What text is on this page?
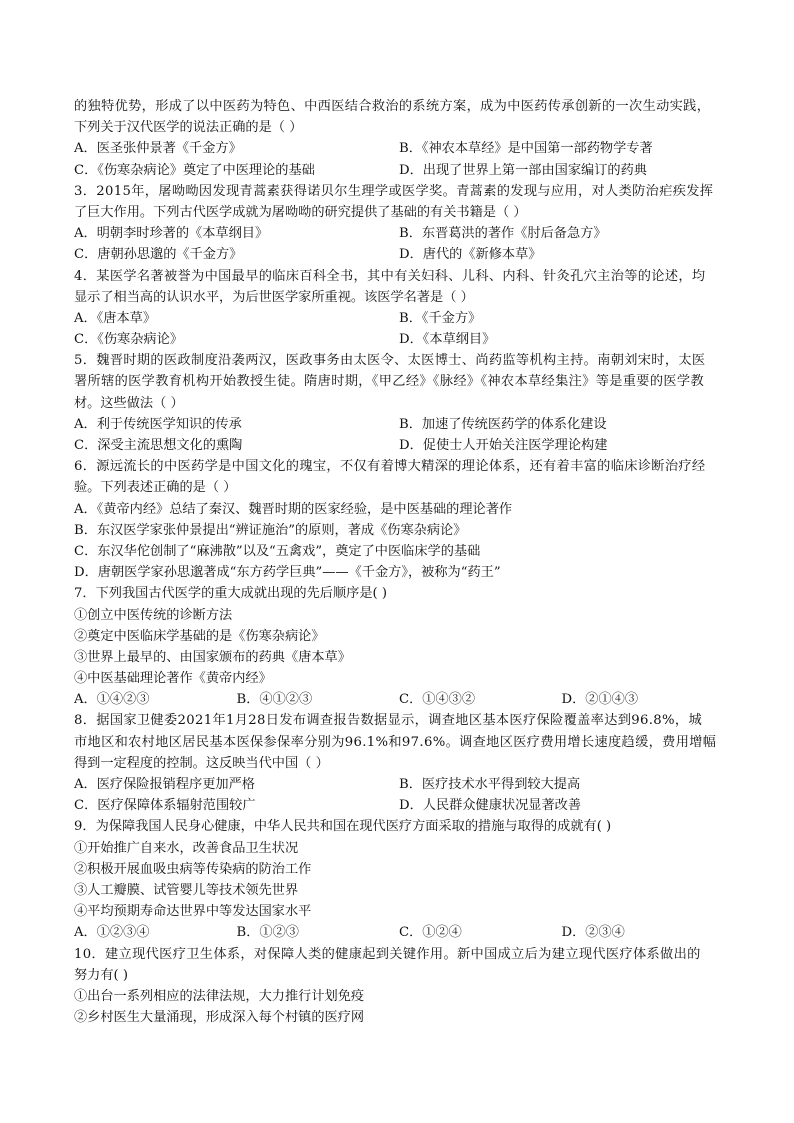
的独特优势，形成了以中医药为特色、中西医结合救治的系统方案，成为中医药传承创新的一次生动实践，
下列关于汉代医学的说法正确的是（ ）
A．医圣张仲景著《千金方》	B．《神农本草经》是中国第一部药物学专著
C．《伤寒杂病论》奠定了中医理论的基础	D．出现了世界上第一部由国家编订的药典
3．2015年，屠呦呦因发现青蒿素获得诺贝尔生理学或医学奖。青蒿素的发现与应用，对人类防治疟疾发挥
了巨大作用。下列古代医学成就为屠呦呦的研究提供了基础的有关书籍是（ ）
A．明朝李时珍著的《本草纲目》	B．东晋葛洪的著作《肘后备急方》
C．唐朝孙思邈的《千金方》	D．唐代的《新修本草》
4．某医学名著被誉为中国最早的临床百科全书，其中有关妇科、儿科、内科、针灸孔穴主治等的论述，均
显示了相当高的认识水平，为后世医学家所重视。该医学名著是（ ）
A．《唐本草》	B．《千金方》
C．《伤寒杂病论》	D．《本草纲目》
5．魏晋时期的医政制度沿袭两汉，医政事务由太医令、太医博士、尚药监等机构主持。南朝刘宋时，太医
署所辖的医学教育机构开始教授生徒。隋唐时期，《甲乙经》《脉经》《神农本草经集注》等是重要的医学教
材。这些做法（ ）
A．利于传统医学知识的传承	B．加速了传统医药学的体系化建设
C．深受主流思想文化的熏陶	D．促使士人开始关注医学理论构建
6．源远流长的中医药学是中国文化的瑰宝，不仅有着博大精深的理论体系，还有着丰富的临床诊断治疗经
验。下列表述正确的是（ ）
A．《黄帝内经》总结了秦汉、魏晋时期的医家经验，是中医基础的理论著作
B．东汉医学家张仲景提出“辨证施治”的原则，著成《伤寒杂病论》
C．东汉华佗创制了“麻沸散”以及“五禽戏”，奠定了中医临床学的基础
D．唐朝医学家孙思邈著成“东方药学巨典”——《千金方》，被称为“药王”
7．下列我国古代医学的重大成就出现的先后顺序是( )
①创立中医传统的诊断方法
②奠定中医临床学基础的是《伤寒杂病论》
③世界上最早的、由国家颁布的药典《唐本草》
④中医基础理论著作《黄帝内经》
A．①④②③	B．④①②③	C．①④③②	D．②①④③
8．据国家卫健委2021年1月28日发布调查报告数据显示，调查地区基本医疗保险覆盖率达到96.8%，城
市地区和农村地区居民基本医保参保率分别为96.1%和97.6%。调查地区医疗费用增长速度趋缓，费用增幅
得到一定程度的控制。这反映当代中国（ ）
A．医疗保险报销程序更加严格	B．医疗技术水平得到较大提高
C．医疗保障体系辐射范围较广	D．人民群众健康状况显著改善
9．为保障我国人民身心健康，中华人民共和国在现代医疗方面采取的措施与取得的成就有( )
①开始推广自来水，改善食品卫生状况
②积极开展血吸虫病等传染病的防治工作
③人工瓣膜、试管婴儿等技术领先世界
④平均预期寿命达世界中等发达国家水平
A．①②③④	B．①②③	C．①②④	D．②③④
10．建立现代医疗卫生体系，对保障人类的健康起到关键作用。新中国成立后为建立现代医疗体系做出的
努力有( )
①出台一系列相应的法律法规，大力推行计划免疫
②乡村医生大量涌现，形成深入每个村镇的医疗网
